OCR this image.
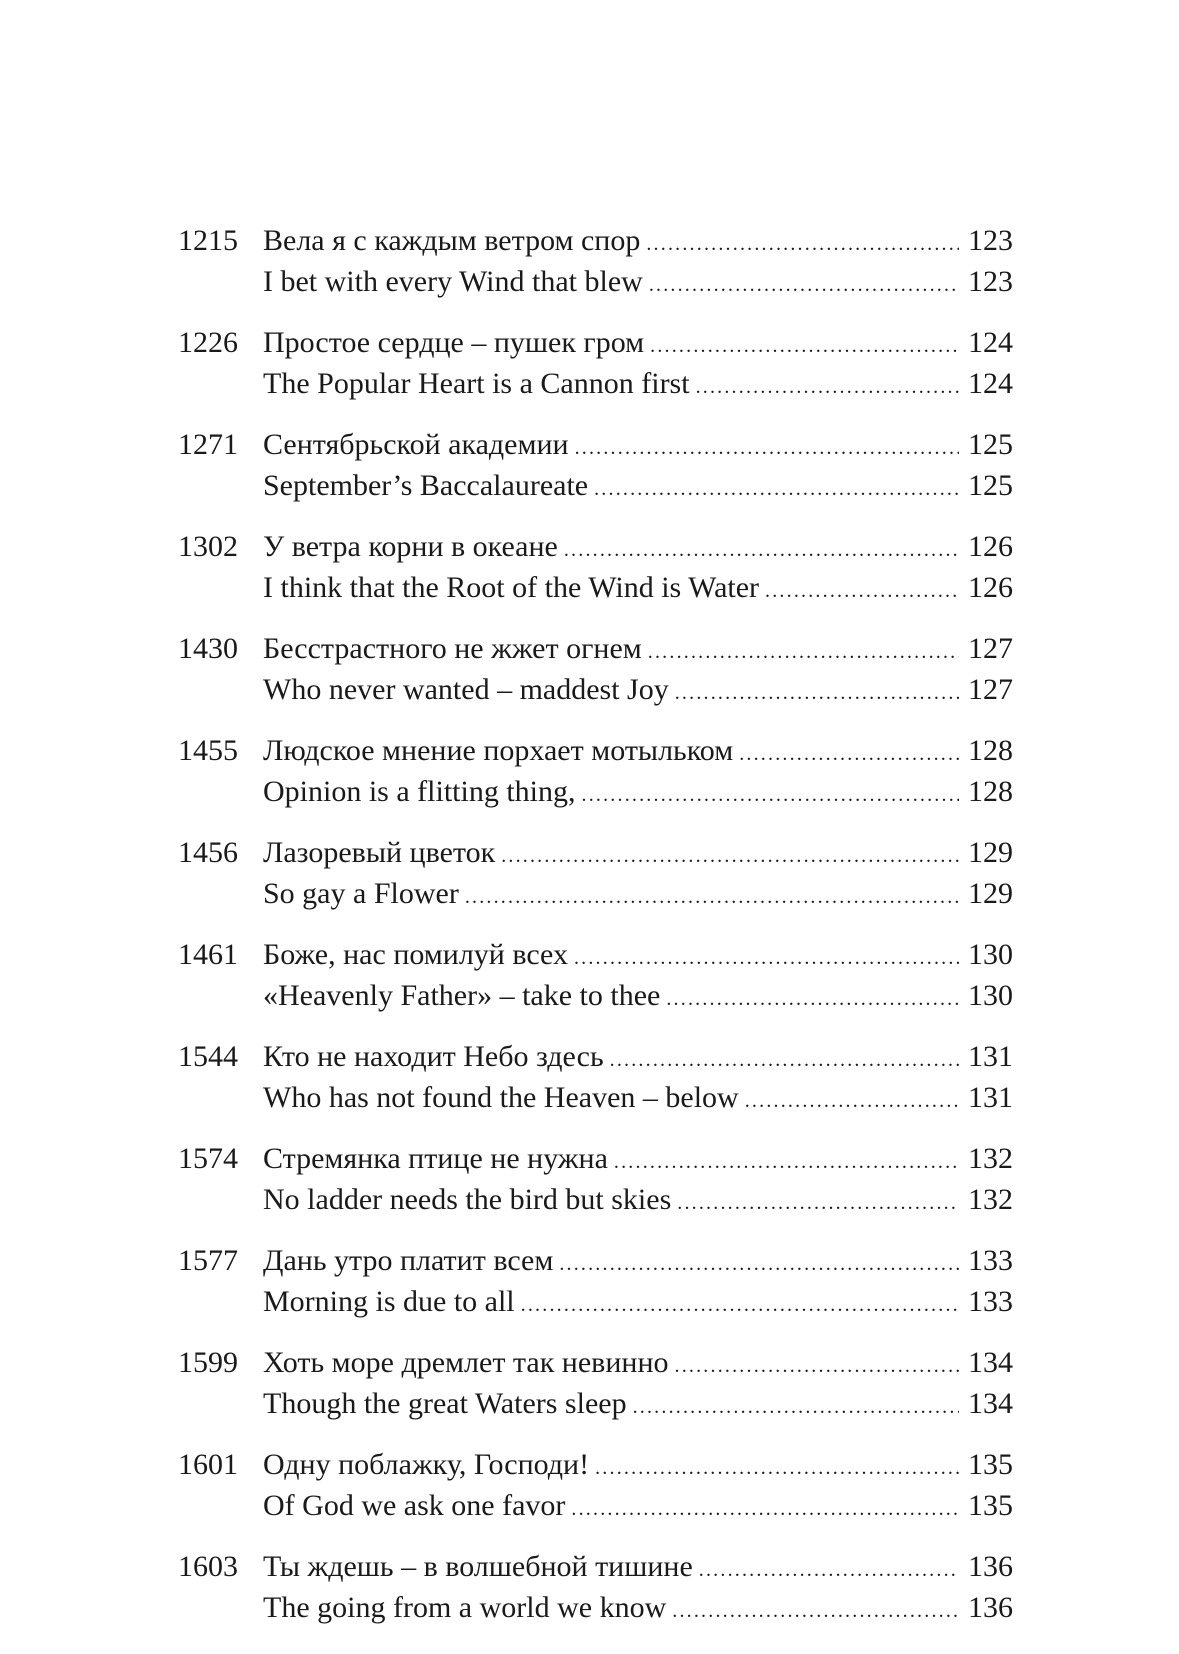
1215 Вела я с каждым ветром спор .....	123
I bet with every Wind that blew .....	123
1226 Простое сердце – пушек гром .....	124
The Popular Heart is a Cannon first .....	124
1271 Сентябрьской академии .....	125
September’s Baccalaureate .....	125
1302 У ветра корни в океане .....	126
I think that the Root of the Wind is Water .....	126
1430 Бесстрастного не жжет огнем .....	127
Who never wanted – maddest Joy .....	127
1455 Людское мнение порхает мотыльком .....	128
Opinion is a flitting thing, .....	128
1456 Лазоревый цветок .....	129
So gay a Flower .....	129
1461 Боже, нас помилуй всех .....	130
«Heavenly Father» – take to thee .....	130
1544 Кто не находит Небо здесь .....	131
Who has not found the Heaven – below .....	131
1574 Стремянка птице не нужна .....	132
No ladder needs the bird but skies .....	132
1577 Дань утро платит всем .....	133
Morning is due to all .....	133
1599 Хоть море дремлет так невинно .....	134
Though the great Waters sleep .....	134
1601 Одну поблажку, Господи! .....	135
Of God we ask one favor .....	135
1603 Ты ждешь – в волшебной тишине .....	136
The going from a world we know .....	136
